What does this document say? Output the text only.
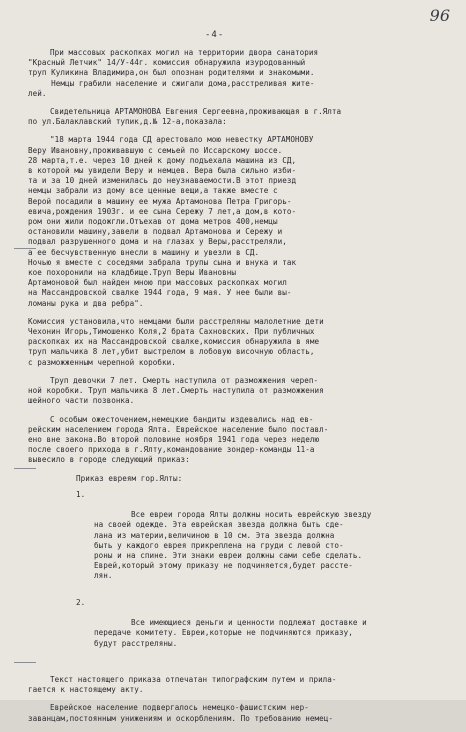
96
-4-

При массовых раскопках могил на территории двора санатория
"Красный Летчик" 14/У-44г. комиссия обнаружила изуродованный
труп Куликина Владимира,он был опознан родителями и знакомыми.
Немцы грабили население и сжигали дома,расстреливая жите-
лей.

Свидетельница АРТАМОНОВА Евгения Сергеевна,проживающая в г.Ялта
по ул.Балаклавский тупик,д.№ 12-а,показала:

"18 марта 1944 года СД арестовало мою невестку АРТАМОНОВУ
Веру Ивановну,проживавшую с семьей по Иссарскому шоссе.
28 марта,т.е. через 10 дней к дому подъехала машина из СД,
в которой мы увидели Веру и немцев. Вера была сильно изби-
та и за 10 дней изменилась до неузнаваемости.В этот приезд
немцы забрали из дому все ценные вещи,а также вместе с
Верой посадили в машину ее мужа Артамонова Петра Григорь-
евича,рождения 1903г. и ее сына Сережу 7 лет,а дом,в кото-
ром они жили подожгли.Отъехав от дома метров 400,немцы
остановили машину,завели в подвал Артамонова и Сережу и
подвал разрушенного дома и на глазах у Веры,расстреляли,
а ее бесчувственную внесли в машину и увезли в СД.
Ночью я вместе с соседями забрала трупы сына и внука и так
кое похоронили на кладбище.Труп Веры Ивановны
Артамоновой был найден мною при массовых раскопках могил
на Массандровской свалке 1944 года, 9 мая. У нее были вы-
ломаны рука и два ребра".

Комиссия установила,что немцами были расстреляны малолетние дети
Чехонин Игорь,Тимошенко Коля,2 брата Сахновских. При публичных
раскопках их на Массандровской свалке,комиссия обнаружила в яме
труп мальчика 8 лет,убит выстрелом в лобовую височную область,
с разможженным черепной коробки.

Труп девочки 7 лет. Смерть наступила от разможжения череп-
ной коробки. Труп мальчика 8 лет.Смерть наступила от разможжения
шейного части позвонка.

С особым ожесточением,немецкие бандиты издевались над ев-
рейским населением города Ялта. Еврейское население было поставл-
ено вне закона.Во второй половине ноября 1941 года через неделю
после своего прихода в г.Ялту,командование зондер-команды 11-а
вывесило в городе следующий приказ:

Приказ евреям гор.Ялты:

1.

Все евреи города Ялты должны носить еврейскую звезду
на своей одежде. Эта еврейская звезда должна быть сде-
лана из материи,величиною в 10 см. Эта звезда должна
быть у каждого еврея прикреплена на груди с левой сто-
роны и на спине. Эти знаки евреи должны сами себе сделать.
Еврей,который этому приказу не подчиняется,будет рассте-
лян.

2.

Все имеющиеся деньги и ценности подлежат доставке и
передаче комитету. Евреи,которые не подчиняются приказу,
будут расстреляны.

Текст настоящего приказа отпечатан типографским путем и прила-
гается к настоящему акту.

Еврейское население подвергалось немецко-фашистским нер-
заванцам,постоянным унижениям и оскорблениям. По требованию немец-
